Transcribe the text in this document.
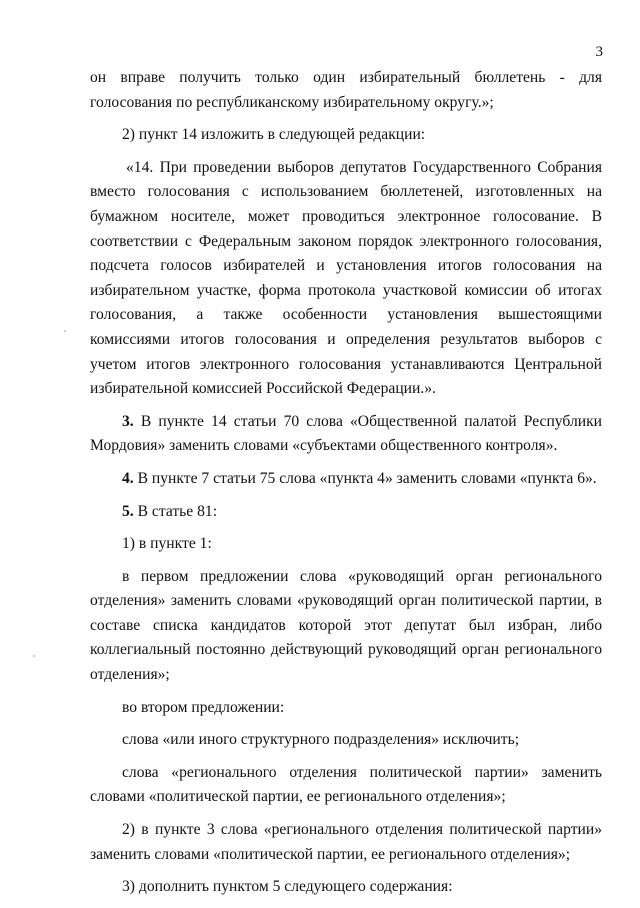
3

он вправе получить только один избирательный бюллетень - для голосования по республиканскому избирательному округу.»;

2) пункт 14 изложить в следующей редакции:

«14. При проведении выборов депутатов Государственного Собрания вместо голосования с использованием бюллетеней, изготовленных на бумажном носителе, может проводиться электронное голосование. В соответствии с Федеральным законом порядок электронного голосования, подсчета голосов избирателей и установления итогов голосования на избирательном участке, форма протокола участковой комиссии об итогах голосования, а также особенности установления вышестоящими комиссиями итогов голосования и определения результатов выборов с учетом итогов электронного голосования устанавливаются Центральной избирательной комиссией Российской Федерации.».

3. В пункте 14 статьи 70 слова «Общественной палатой Республики Мордовия» заменить словами «субъектами общественного контроля».

4. В пункте 7 статьи 75 слова «пункта 4» заменить словами «пункта 6».

5. В статье 81:

1) в пункте 1:

в первом предложении слова «руководящий орган регионального отделения» заменить словами «руководящий орган политической партии, в составе списка кандидатов которой этот депутат был избран, либо коллегиальный постоянно действующий руководящий орган регионального отделения»;

во втором предложении:

слова «или иного структурного подразделения» исключить;

слова «регионального отделения политической партии» заменить словами «политической партии, ее регионального отделения»;

2) в пункте 3 слова «регионального отделения политической партии» заменить словами «политической партии, ее регионального отделения»;

3) дополнить пунктом 5 следующего содержания:
